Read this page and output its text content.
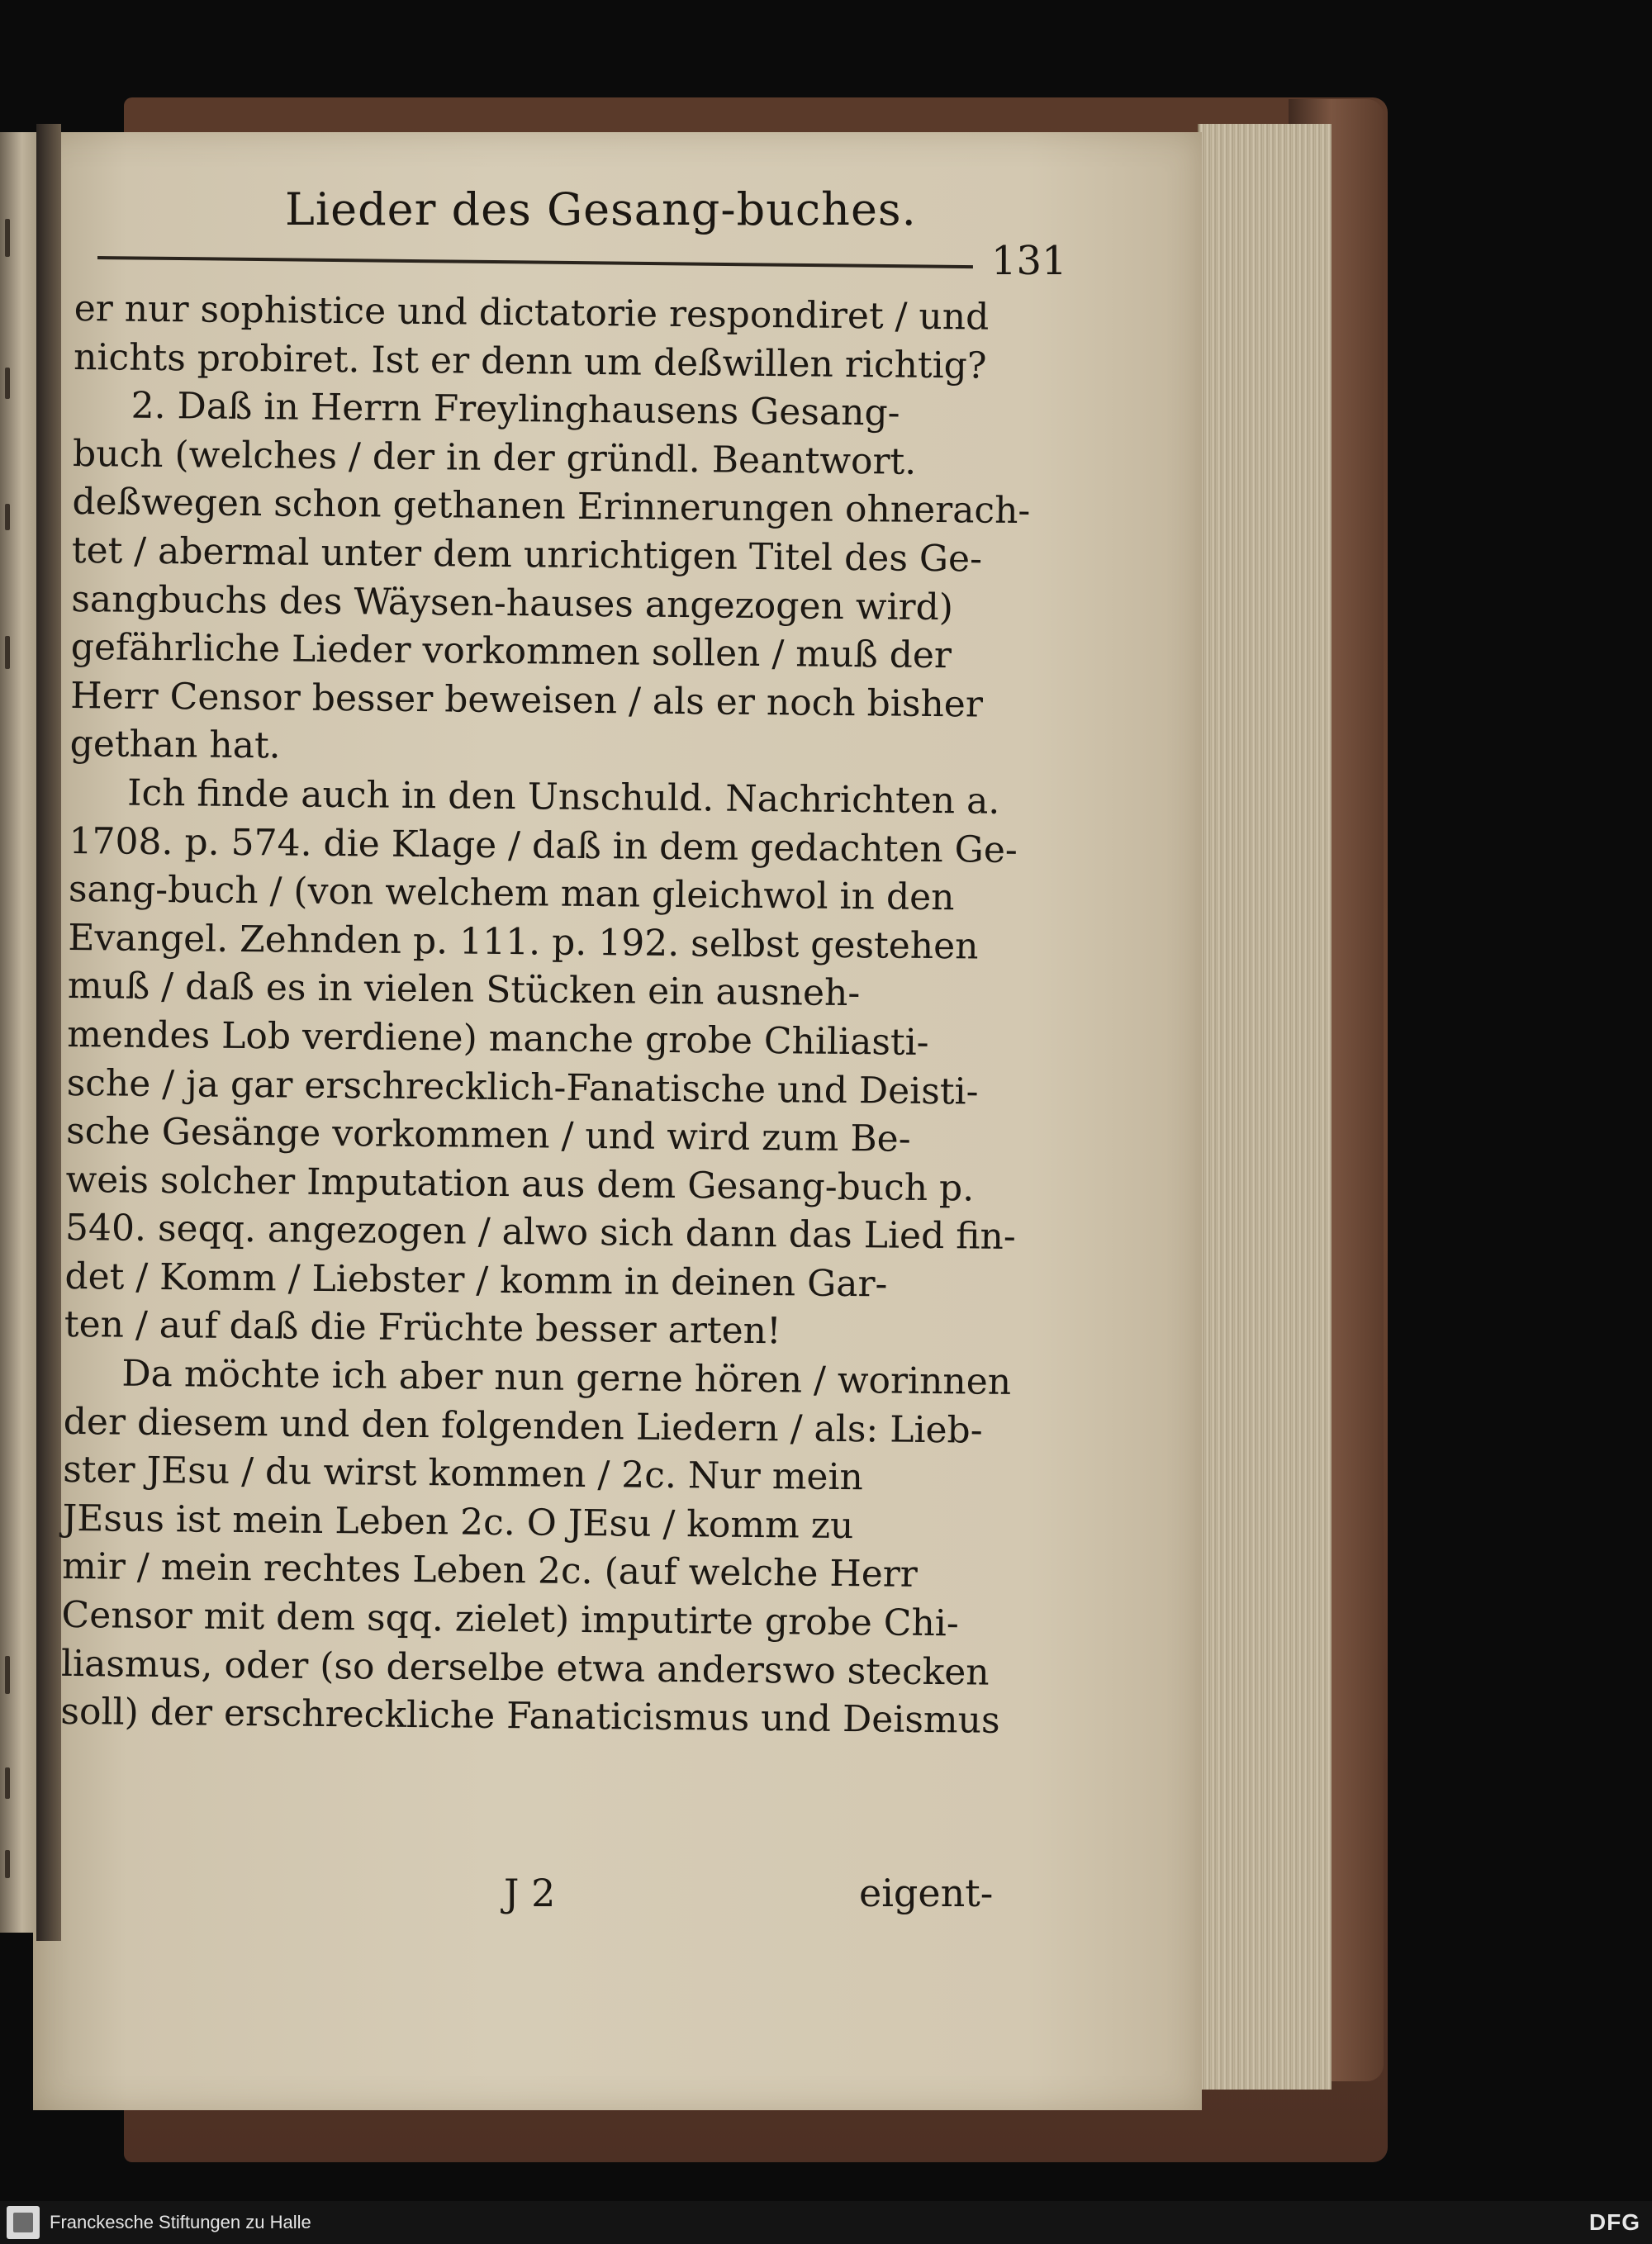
Lieder des Gesang-buches.
131
er nur sophistice und dictatorie respondiret / und
nichts probiret. Ist er denn um deßwillen richtig?
2. Daß in Herrn Freylinghausens Gesang-
buch (welches / der in der gründl. Beantwort.
deßwegen schon gethanen Erinnerungen ohnerach-
tet / abermal unter dem unrichtigen Titel des Ge-
sangbuchs des Wäysen-hauses angezogen wird)
gefährliche Lieder vorkommen sollen / muß der
Herr Censor besser beweisen / als er noch bisher
gethan hat.
Ich finde auch in den Unschuld. Nachrichten a.
1708. p. 574. die Klage / daß in dem gedachten Ge-
sang-buch / (von welchem man gleichwol in den
Evangel. Zehnden p. 111. p. 192. selbst gestehen
muß / daß es in vielen Stücken ein ausneh-
mendes Lob verdiene) manche grobe Chiliasti-
sche / ja gar erschrecklich-Fanatische und Deisti-
sche Gesänge vorkommen / und wird zum Be-
weis solcher Imputation aus dem Gesang-buch p.
540. seqq. angezogen / alwo sich dann das Lied fin-
det / Komm / Liebster / komm in deinen Gar-
ten / auf daß die Früchte besser arten!
Da möchte ich aber nun gerne hören / worinnen
der diesem und den folgenden Liedern / als: Lieb-
ster JEsu / du wirst kommen / 2c. Nur mein
JEsus ist mein Leben 2c. O JEsu / komm zu
mir / mein rechtes Leben 2c. (auf welche Herr
Censor mit dem sqq. zielet) imputirte grobe Chi-
liasmus, oder (so derselbe etwa anderswo stecken
soll) der erschreckliche Fanaticismus und Deismus
J 2	eigent-
Franckesche Stiftungen zu Halle	DFG
